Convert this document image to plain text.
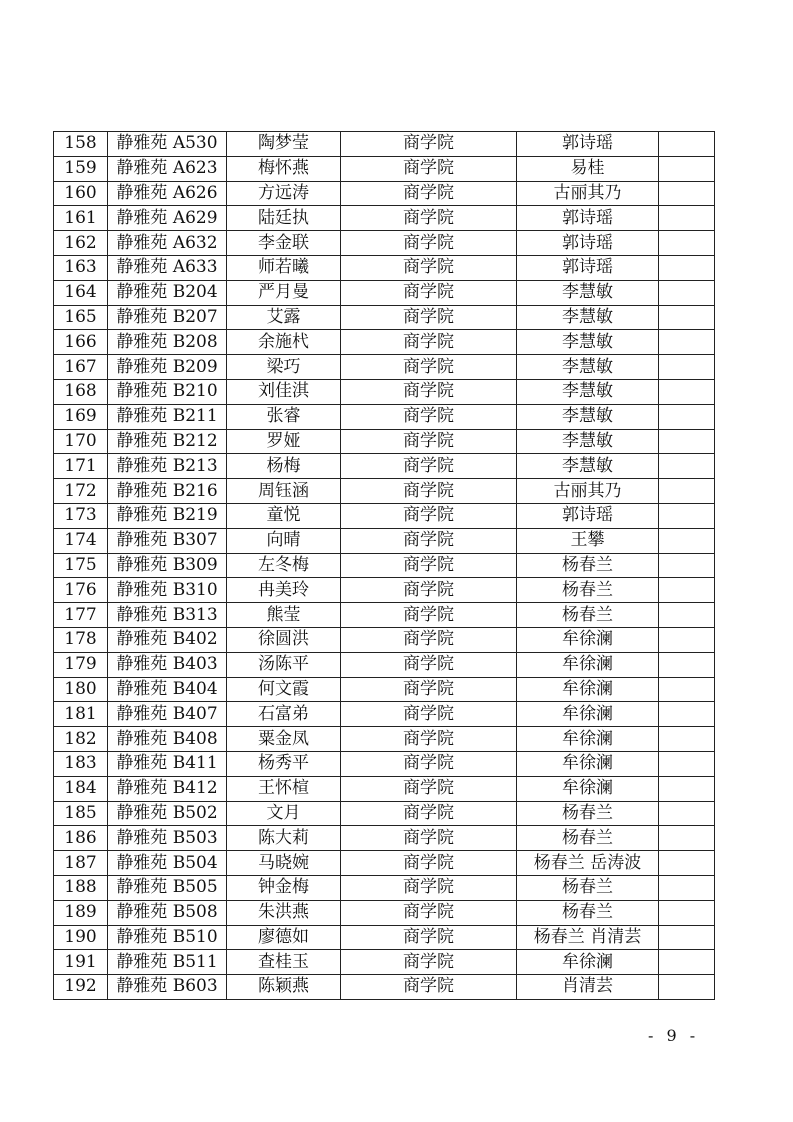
158	静雅苑 A530	陶梦莹	商学院	郭诗瑶	
159	静雅苑 A623	梅怀燕	商学院	易桂	
160	静雅苑 A626	方远涛	商学院	古丽其乃	
161	静雅苑 A629	陆廷执	商学院	郭诗瑶	
162	静雅苑 A632	李金联	商学院	郭诗瑶	
163	静雅苑 A633	师若曦	商学院	郭诗瑶	
164	静雅苑 B204	严月曼	商学院	李慧敏	
165	静雅苑 B207	艾露	商学院	李慧敏	
166	静雅苑 B208	余施杙	商学院	李慧敏	
167	静雅苑 B209	梁巧	商学院	李慧敏	
168	静雅苑 B210	刘佳淇	商学院	李慧敏	
169	静雅苑 B211	张睿	商学院	李慧敏	
170	静雅苑 B212	罗娅	商学院	李慧敏	
171	静雅苑 B213	杨梅	商学院	李慧敏	
172	静雅苑 B216	周钰涵	商学院	古丽其乃	
173	静雅苑 B219	童悦	商学院	郭诗瑶	
174	静雅苑 B307	向晴	商学院	王攀	
175	静雅苑 B309	左冬梅	商学院	杨春兰	
176	静雅苑 B310	冉美玲	商学院	杨春兰	
177	静雅苑 B313	熊莹	商学院	杨春兰	
178	静雅苑 B402	徐圆洪	商学院	牟徐澜	
179	静雅苑 B403	汤陈平	商学院	牟徐澜	
180	静雅苑 B404	何文霞	商学院	牟徐澜	
181	静雅苑 B407	石富弟	商学院	牟徐澜	
182	静雅苑 B408	粟金凤	商学院	牟徐澜	
183	静雅苑 B411	杨秀平	商学院	牟徐澜	
184	静雅苑 B412	王怀楦	商学院	牟徐澜	
185	静雅苑 B502	文月	商学院	杨春兰	
186	静雅苑 B503	陈大莉	商学院	杨春兰	
187	静雅苑 B504	马晓婉	商学院	杨春兰 岳涛波	
188	静雅苑 B505	钟金梅	商学院	杨春兰	
189	静雅苑 B508	朱洪燕	商学院	杨春兰	
190	静雅苑 B510	廖德如	商学院	杨春兰 肖清芸	
191	静雅苑 B511	查桂玉	商学院	牟徐澜	
192	静雅苑 B603	陈颖燕	商学院	肖清芸	
- 9 -
